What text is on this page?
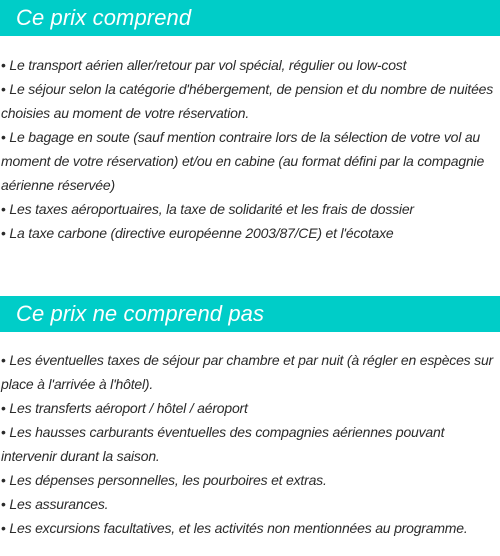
Ce prix comprend
• Le transport aérien aller/retour par vol spécial, régulier ou low-cost
• Le séjour selon la catégorie d'hébergement, de pension et du nombre de nuitées choisies au moment de votre réservation.
• Le bagage en soute (sauf mention contraire lors de la sélection de votre vol au moment de votre réservation) et/ou en cabine (au format défini par la compagnie aérienne réservée)
• Les taxes aéroportuaires, la taxe de solidarité et les frais de dossier
• La taxe carbone (directive européenne 2003/87/CE) et l'écotaxe
Ce prix ne comprend pas
• Les éventuelles taxes de séjour par chambre et par nuit (à régler en espèces sur place à l'arrivée à l'hôtel).
• Les transferts aéroport / hôtel / aéroport
• Les hausses carburants éventuelles des compagnies aériennes pouvant intervenir durant la saison.
• Les dépenses personnelles, les pourboires et extras.
• Les assurances.
• Les excursions facultatives, et les activités non mentionnées au programme.
